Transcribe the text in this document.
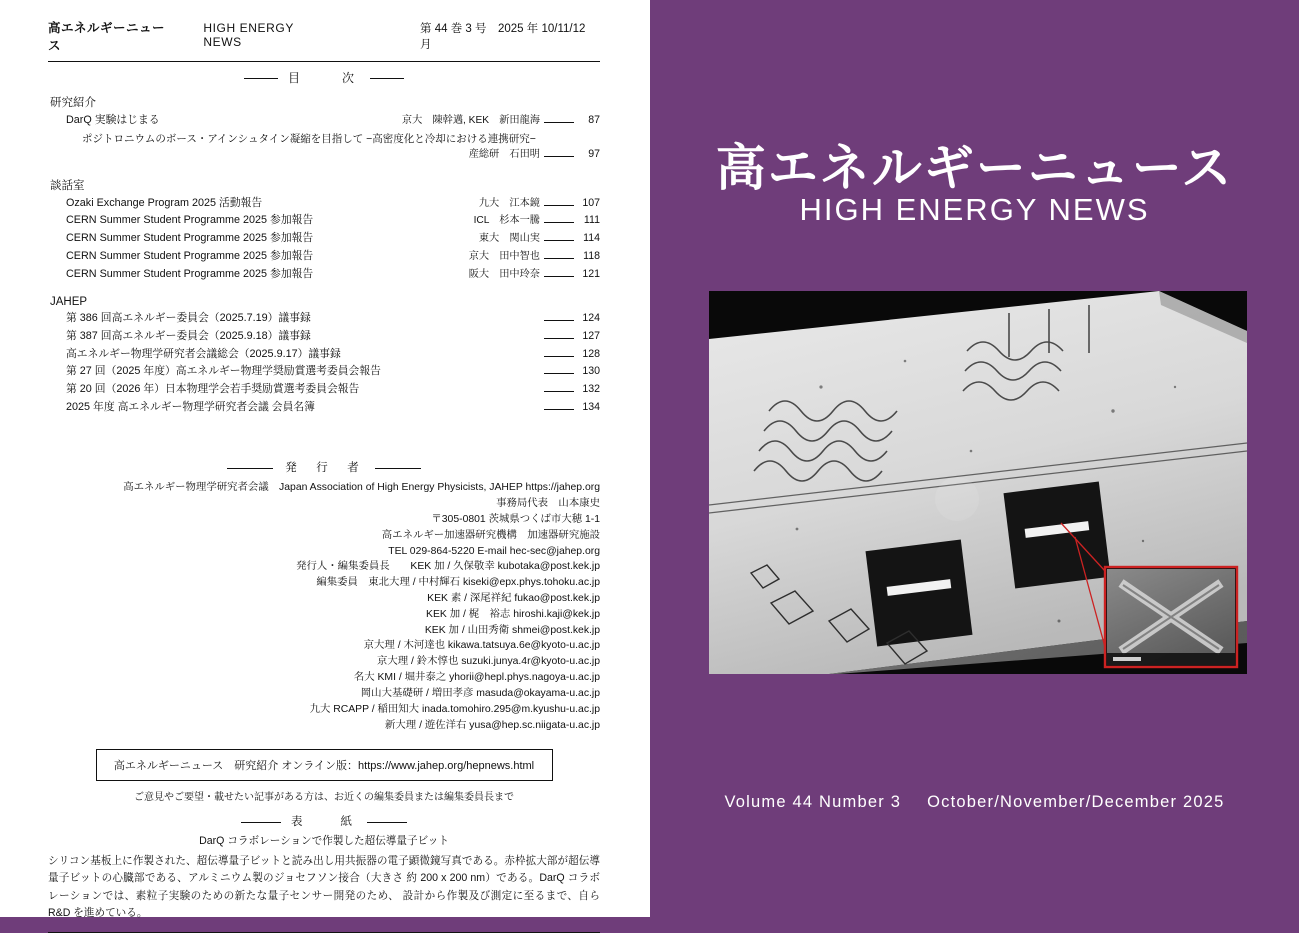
高エネルギーニュース
HIGH ENERGY NEWS
第 44 巻 3 号　2025 年 10/11/12 月
目　　次
研究紹介
DarQ 実験はじまる	京大　陳幹邁, KEK　新田龍海	87
ポジトロニウムのボース・アインシュタイン凝縮を目指して −高密度化と冷却における連携研究−
産総研　石田明	97
談話室
Ozaki Exchange Program 2025 活動報告	九大　江本鏡	107
CERN Summer Student Programme 2025 参加報告	ICL　杉本一騰	111
CERN Summer Student Programme 2025 参加報告	東大　関山実	114
CERN Summer Student Programme 2025 参加報告	京大　田中智也	118
CERN Summer Student Programme 2025 参加報告	阪大　田中玲奈	121
JAHEP
第 386 回高エネルギー委員会（2025.7.19）議事録	124
第 387 回高エネルギー委員会（2025.9.18）議事録	127
高エネルギー物理学研究者会議総会（2025.9.17）議事録	128
第 27 回（2025 年度）高エネルギー物理学奨励賞選考委員会報告	130
第 20 回（2026 年）日本物理学会若手奨励賞選考委員会報告	132
2025 年度 高エネルギー物理学研究者会議 会員名簿	134
発　行　者
高エネルギー物理学研究者会議　Japan Association of High Energy Physicists, JAHEP https://jahep.org
事務局代表　山本康史
〒305-0801 茨城県つくば市大穂 1-1
高エネルギー加速器研究機構　加速器研究施設
TEL 029-864-5220 E-mail hec-sec@jahep.org
発行人・編集委員長　　KEK 加 / 久保敬幸 kubotaka@post.kek.jp
編集委員　東北大理 / 中村輝石 kiseki@epx.phys.tohoku.ac.jp
KEK 素 / 深尾祥紀 fukao@post.kek.jp
KEK 加 / 梶　裕志 hiroshi.kaji@kek.jp
KEK 加 / 山田秀衛 shmei@post.kek.jp
京大理 / 木河達也 kikawa.tatsuya.6e@kyoto-u.ac.jp
京大理 / 鈴木惇也 suzuki.junya.4r@kyoto-u.ac.jp
名大 KMI / 堀井泰之 yhorii@hepl.phys.nagoya-u.ac.jp
岡山大基礎研 / 増田孝彦 masuda@okayama-u.ac.jp
九大 RCAPP / 稲田知大 inada.tomohiro.295@m.kyushu-u.ac.jp
新大理 / 遊佐洋右 yusa@hep.sc.niigata-u.ac.jp
高エネルギーニュース　研究紹介 オンライン版：https://www.jahep.org/hepnews.html
ご意見やご要望・載せたい記事がある方は、お近くの編集委員または編集委員長まで
表　　紙
DarQ コラボレーションで作製した超伝導量子ビット
シリコン基板上に作製された、超伝導量子ビットと読み出し用共振器の電子顕微鏡写真である。赤枠拡大部が超伝導量子ビットの心臓部である、アルミニウム製のジョセフソン接合（大きさ 約 200 x 200 nm）である。DarQ コラボレーションでは、素粒子実験のための新たな量子センサー開発のため、 設計から作製及び測定に至るまで、自ら R&D を進めている。
高エネルギーニュース
HIGH ENERGY NEWS
Volume 44 Number 3 October/November/December 2025
